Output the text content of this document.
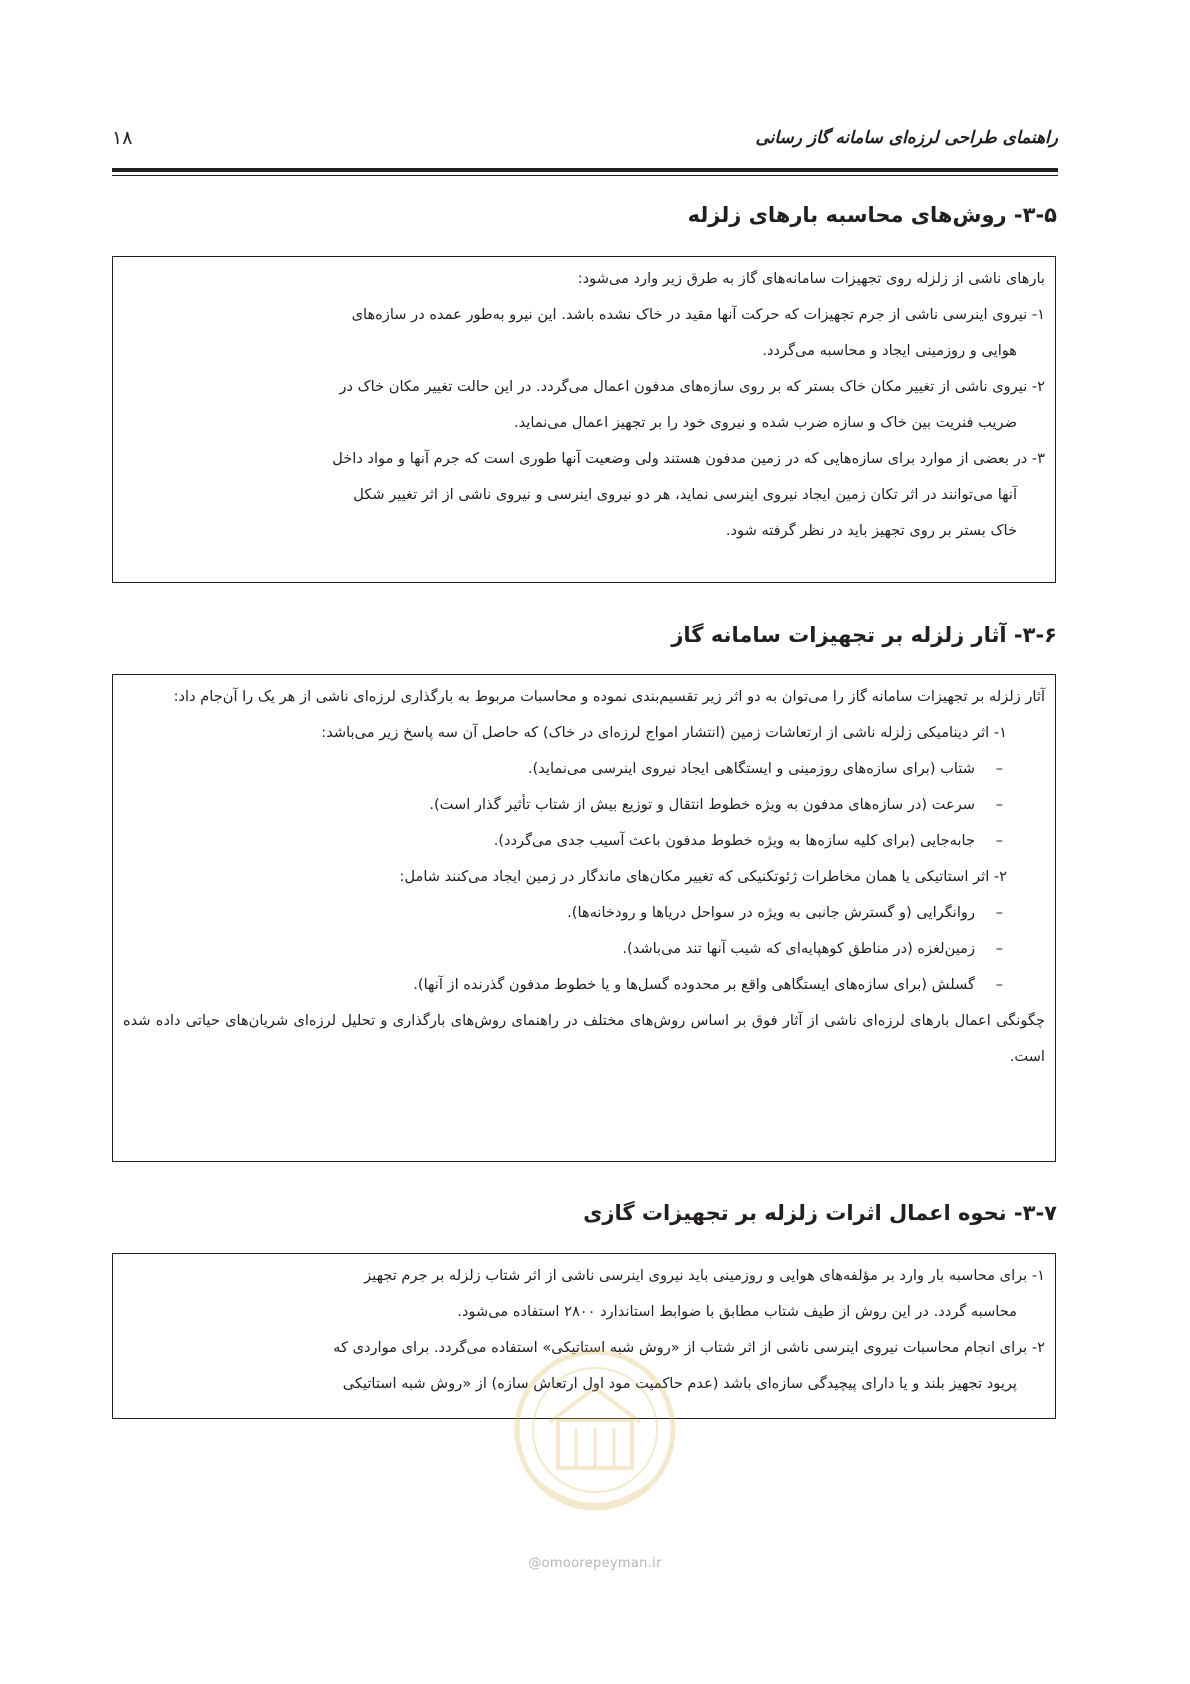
راهنمای طراحی لرزه‌ای سامانه گاز رسانی
۱۸
۳-۵- روش‌های محاسبه بارهای زلزله

بارهای ناشی از زلزله روی تجهیزات سامانه‌های گاز به طرق زیر وارد می‌شود:

۱- نیروی اینرسی ناشی از جرم تجهیزات که حرکت آنها مقید در خاک نشده باشد. این نیرو به‌طور عمده در سازه‌های

هوایی و روزمینی ایجاد و محاسبه می‌گردد.

۲- نیروی ناشی از تغییر مکان خاک بستر که بر روی سازه‌های مدفون اعمال می‌گردد. در این حالت تغییر مکان خاک در

ضریب فنریت بین خاک و سازه ضرب شده و نیروی خود را بر تجهیز اعمال می‌نماید.

۳- در بعضی از موارد برای سازه‌هایی که در زمین مدفون هستند ولی وضعیت آنها طوری است که جرم آنها و مواد داخل

آنها می‌توانند در اثر تکان زمین ایجاد نیروی اینرسی نماید، هر دو نیروی اینرسی و نیروی ناشی از اثر تغییر شکل

خاک بستر بر روی تجهیز باید در نظر گرفته شود.

۳-۶- آثار زلزله بر تجهیزات سامانه گاز

آثار زلزله بر تجهیزات سامانه گاز را می‌توان به دو اثر زیر تقسیم‌بندی نموده و محاسبات مربوط به بارگذاری لرزه‌ای ناشی از هر یک را آن‌جام داد:

۱- اثر دینامیکی زلزله ناشی از ارتعاشات زمین (انتشار امواج لرزه‌ای در خاک) که حاصل آن سه پاسخ زیر می‌باشد:

–
شتاب (برای سازه‌های روزمینی و ایستگاهی ایجاد نیروی اینرسی می‌نماید).

–
سرعت (در سازه‌های مدفون به ویژه خطوط انتقال و توزیع بیش از شتاب تأثیر گذار است).

–
جابه‌جایی (برای کلیه سازه‌ها به ویژه خطوط مدفون باعث آسیب جدی می‌گردد).

۲- اثر استاتیکی یا همان مخاطرات ژئوتکنیکی که تغییر مکان‌های ماندگار در زمین ایجاد می‌کنند شامل:

–
روانگرایی (و گسترش جانبی به ویژه در سواحل دریاها و رودخانه‌ها).

–
زمین‌لغزه (در مناطق کوهپایه‌ای که شیب آنها تند می‌باشد).

–
گسلش (برای سازه‌های ایستگاهی واقع بر محدوده گسل‌ها و یا خطوط مدفون گذرنده از آنها).

چگونگی اعمال بارهای لرزه‌ای ناشی از آثار فوق بر اساس روش‌های مختلف در راهنمای روش‌های بارگذاری و تحلیل لرزه‌ای شریان‌های حیاتی داده شده است.

۳-۷- نحوه اعمال اثرات زلزله بر تجهیزات گازی

۱- برای محاسبه بار وارد بر مؤلفه‌های هوایی و روزمینی باید نیروی اینرسی ناشی از اثر شتاب زلزله بر جرم تجهیز

محاسبه گردد. در این روش از طیف شتاب مطابق با ضوابط استاندارد ۲۸۰۰ استفاده می‌شود.

۲- برای انجام محاسبات نیروی اینرسی ناشی از اثر شتاب از «روش شبه استاتیکی» استفاده می‌گردد. برای مواردی که

پریود تجهیز بلند و یا دارای پیچیدگی سازه‌ای باشد (عدم حاکمیت مود اول ارتعاش سازه) از «روش شبه استاتیکی

@omoorepeyman.ir
